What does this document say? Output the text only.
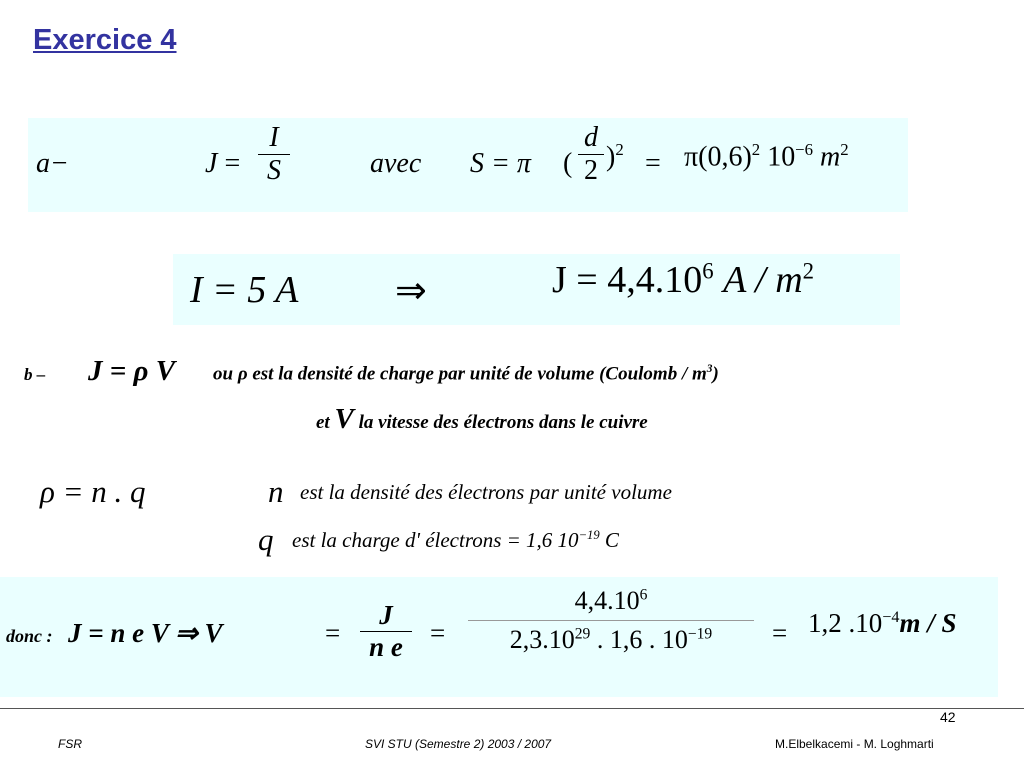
Exercice 4
a−	J =
I
S	avec S = π (
d
2 )$^2 = \pi(0,6)^2$ $10^{-6}$ $m^2$
I = 5 A	⇒	$J = 4,4.10^6$ A / $m^2$
b – J = ρ V ou ρ est la densité de charge par unité de volume (Coulomb / $m^3$)
et V la vitesse des électrons dans le cuivre
ρ = n . q	n est la densité des électrons par unité volume
q est la charge d' électrons = 1,6 $10^{-19}$ C
donc : J = n e V ⇒ V	=
J
n e =
$4,4.10^6$
2,3.10$^{29}$ . 1,6 . $10^{-19} = 1,2$ $.10^{-4}m$ / S
42
FSR	SVI STU (Semestre 2) 2003 / 2007	M.Elbelkacemi - M. Loghmarti
